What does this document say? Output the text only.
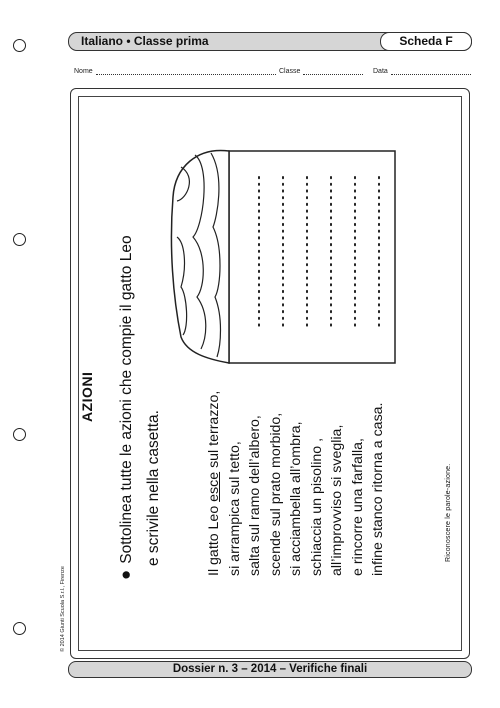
Italiano • Classe prima	Scheda F
Nome	Classe	Data
AZIONI
●Sottolinea tutte le azioni che compie il gatto Leo e scrivile nella casetta.	Il gatto Leo esce sul terrazzo,
si arrampica sul tetto, salta sul ramo dell’albero, scende sul prato morbido, si acciambella all’ombra, schiaccia un pisolino , all’improvviso si sveglia, e rincorre una farfalla, infine stanco ritorna a casa.	Riconoscere le parole-azione.
© 2014 Giunti Scuola S.r.l., Firenze
Dossier n. 3 – 2014 – Verifiche finali
